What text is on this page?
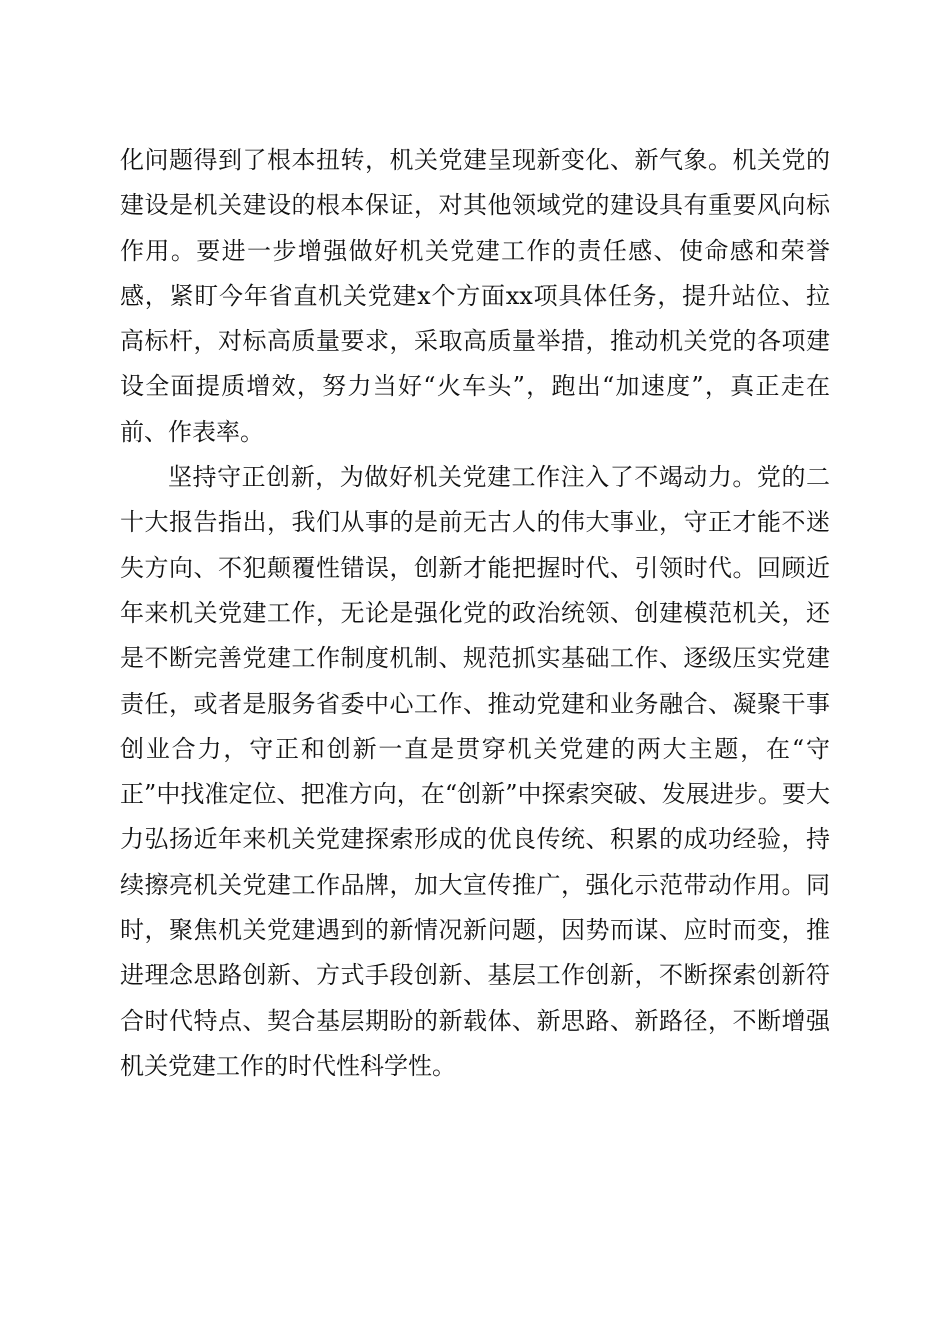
化问题得到了根本扭转，机关党建呈现新变化、新气象。机关党的建设是机关建设的根本保证，对其他领域党的建设具有重要风向标作用。要进一步增强做好机关党建工作的责任感、使命感和荣誉感，紧盯今年省直机关党建x个方面xx项具体任务，提升站位、拉高标杆，对标高质量要求，采取高质量举措，推动机关党的各项建设全面提质增效，努力当好“火车头”，跑出“加速度”，真正走在前、作表率。

坚持守正创新，为做好机关党建工作注入了不竭动力。党的二十大报告指出，我们从事的是前无古人的伟大事业，守正才能不迷失方向、不犯颠覆性错误，创新才能把握时代、引领时代。回顾近年来机关党建工作，无论是强化党的政治统领、创建模范机关，还是不断完善党建工作制度机制、规范抓实基础工作、逐级压实党建责任，或者是服务省委中心工作、推动党建和业务融合、凝聚干事创业合力，守正和创新一直是贯穿机关党建的两大主题，在“守正”中找准定位、把准方向，在“创新”中探索突破、发展进步。要大力弘扬近年来机关党建探索形成的优良传统、积累的成功经验，持续擦亮机关党建工作品牌，加大宣传推广，强化示范带动作用。同时，聚焦机关党建遇到的新情况新问题，因势而谋、应时而变，推进理念思路创新、方式手段创新、基层工作创新，不断探索创新符合时代特点、契合基层期盼的新载体、新思路、新路径，不断增强机关党建工作的时代性科学性。
